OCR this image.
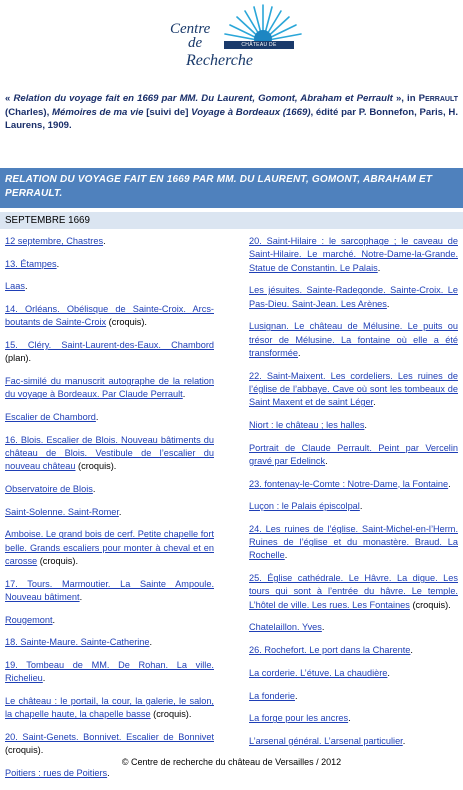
Centre
de
Recherche
CHÂTEAU DE VERSAILLES
« Relation du voyage fait en 1669 par MM. Du Laurent, Gomont, Abraham et Perrault », in Perrault (Charles), Mémoires de ma vie [suivi de] Voyage à Bordeaux (1669), édité par P. Bonnefon, Paris, H. Laurens, 1909.
RELATION DU VOYAGE FAIT EN 1669 PAR MM. DU LAURENT, GOMONT, ABRAHAM ET PERRAULT.
SEPTEMBRE 1669
12 septembre, Chastres.
13. Étampes.
Laas.
14. Orléans. Obélisque de Sainte-Croix. Arcs-boutants de Sainte-Croix (croquis).
15. Cléry. Saint-Laurent-des-Eaux. Chambord (plan).
Fac-similé du manuscrit autographe de la relation du voyage à Bordeaux. Par Claude Perrault.
Escalier de Chambord.
16. Blois. Escalier de Blois. Nouveau bâtiments du château de Blois. Vestibule de l’escalier du nouveau château (croquis).
Observatoire de Blois.
Saint-Solenne. Saint-Romer.
Amboise. Le grand bois de cerf. Petite chapelle fort belle. Grands escaliers pour monter à cheval et en carosse (croquis).
17. Tours. Marmoutier. La Sainte Ampoule. Nouveau bâtiment.
Rougemont.
18. Sainte-Maure. Sainte-Catherine.
19. Tombeau de MM. De Rohan. La ville. Richelieu.
Le château : le portail, la cour, la galerie, le salon, la chapelle haute, la chapelle basse (croquis).
20. Saint-Genets. Bonnivet. Escalier de Bonnivet (croquis).
Poitiers : rues de Poitiers.
20. Saint-Hilaire : le sarcophage ; le caveau de Saint-Hilaire. Le marché. Notre-Dame-la-Grande. Statue de Constantin. Le Palais.
Les jésuites. Sainte-Radegonde. Sainte-Croix. Le Pas-Dieu. Saint-Jean. Les Arènes.
Lusignan. Le château de Mélusine. Le puits ou trésor de Mélusine. La fontaine où elle a été transformée.
22. Saint-Maixent. Les cordeliers. Les ruines de l’église de l’abbaye. Cave où sont les tombeaux de Saint Maxent et de saint Léger.
Niort : le château ; les halles.
Portrait de Claude Perrault. Peint par Vercelin gravé par Edelinck.
23. fontenay-le-Comte : Notre-Dame, la Fontaine.
Luçon : le Palais épiscolpal.
24. Les ruines de l’église. Saint-Michel-en-l’Herm. Ruines de l’église et du monastère. Braud. La Rochelle.
25. Église cathédrale. Le Hâvre. La digue. Les tours qui sont à l’entrée du hâvre. Le temple. L’hôtel de ville. Les rues. Les Fontaines (croquis).
Chatelaillon. Yves.
26. Rochefort. Le port dans la Charente.
La corderie. L’étuve. La chaudière.
La fonderie.
La forge pour les ancres.
L’arsenal général. L’arsenal particulier.
© Centre de recherche du château de Versailles / 2012
